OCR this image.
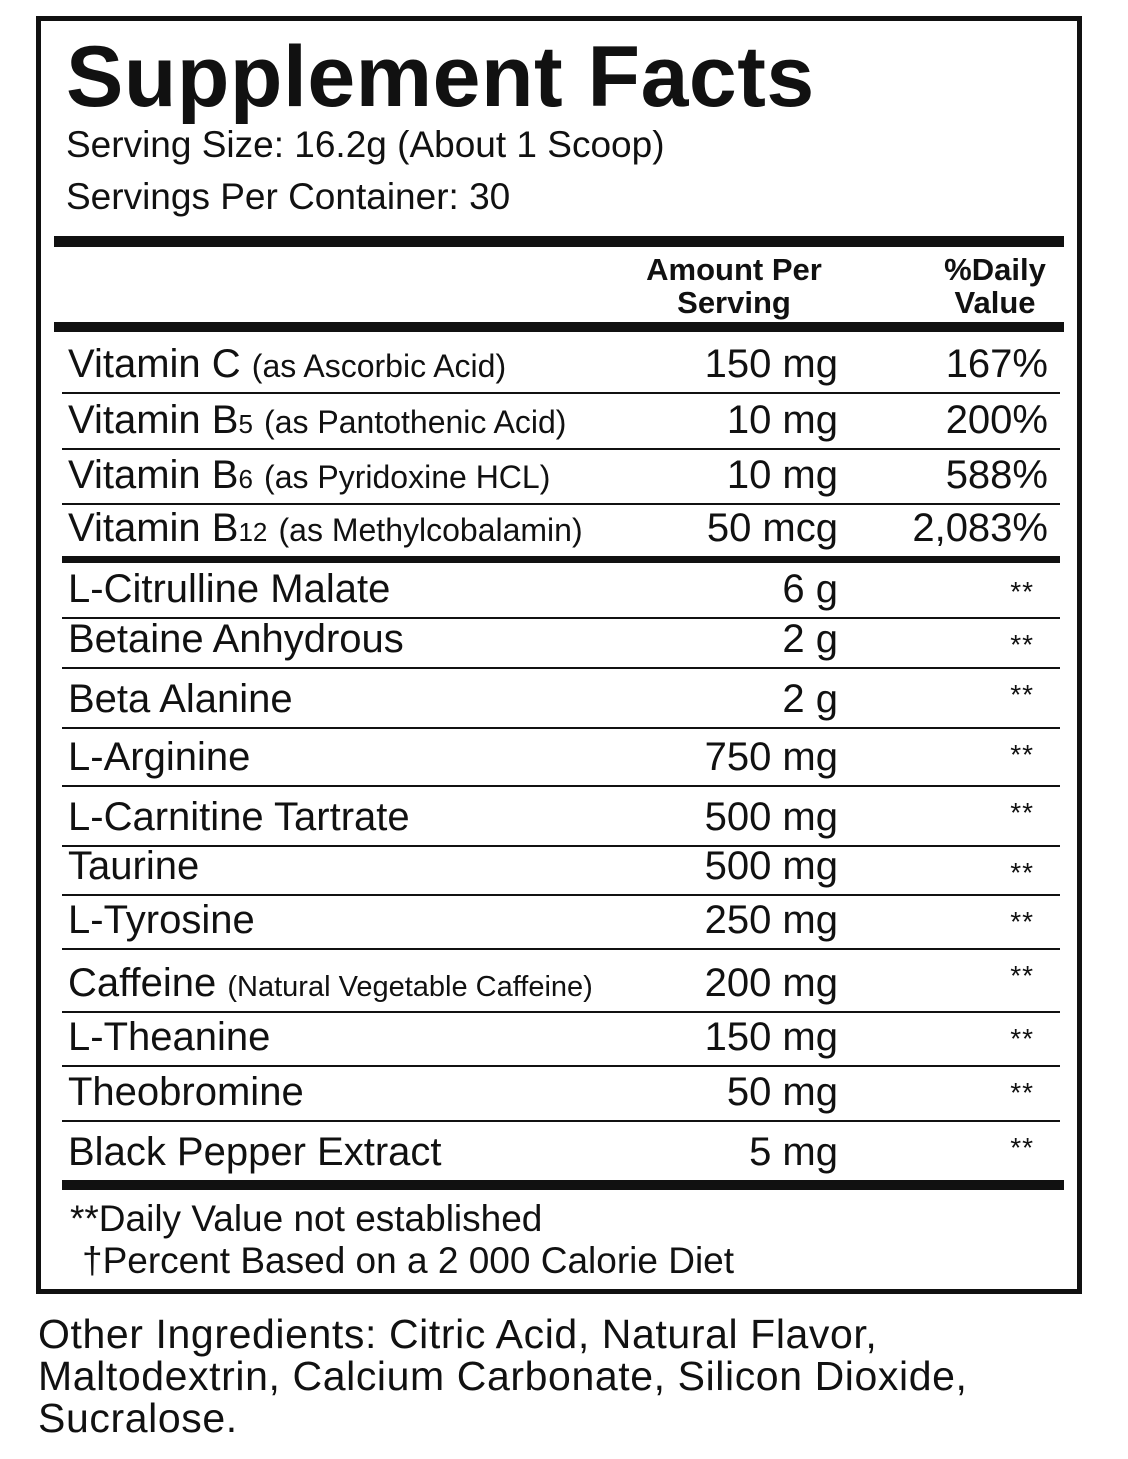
Supplement Facts
Serving Size: 16.2g (About 1 Scoop)
Servings Per Container: 30
Amount Per
Serving
%Daily
Value
Vitamin C (as Ascorbic Acid)	150 mg	167%
Vitamin B5 (as Pantothenic Acid)	10 mg	200%
Vitamin B6 (as Pyridoxine HCL)	10 mg	588%
Vitamin B12 (as Methylcobalamin)	50 mcg 2,083%
L-Citrulline Malate	6 g	**
Betaine Anhydrous	2 g	**
Beta Alanine	2 g	**
L-Arginine	750 mg	**
L-Carnitine Tartrate	500 mg	**
Taurine	500 mg	**
L-Tyrosine	250 mg	**
Caffeine (Natural Vegetable Caffeine)	200 mg	**
L-Theanine	150 mg	**
Theobromine	50 mg	**
Black Pepper Extract	5 mg	**
**Daily Value not established
†Percent Based on a 2 000 Calorie Diet
Other Ingredients: Citric Acid, Natural Flavor, Maltodextrin, Calcium Carbonate, Silicon Dioxide, Sucralose.
